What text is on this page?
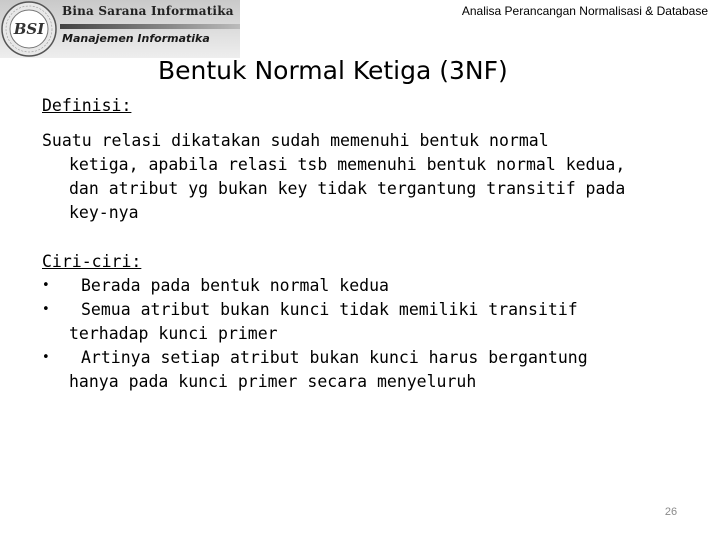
BSI
Bina Sarana Informatika
Manajemen Informatika
Analisa Perancangan Normalisasi & Database
Bentuk Normal Ketiga (3NF)
Definisi:
Suatu relasi dikatakan sudah memenuhi bentuk normal
ketiga, apabila relasi tsb memenuhi bentuk normal kedua,
dan atribut yg bukan key tidak tergantung transitif pada
key-nya
Ciri-ciri:
•	Berada pada bentuk normal kedua
•	Semua atribut bukan kunci tidak memiliki transitif
terhadap kunci primer
•	Artinya setiap atribut bukan kunci harus bergantung
hanya pada kunci primer secara menyeluruh
26
